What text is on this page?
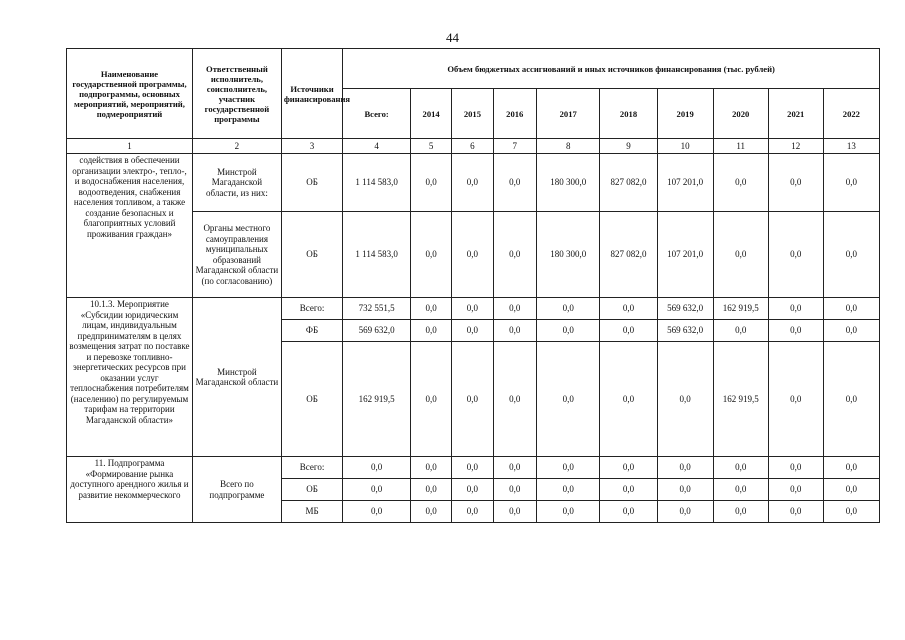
44
Наименование государственной программы, подпрограммы, основных мероприятий, мероприятий, подмероприятий	Ответственный исполнитель, соисполнитель, участник государственной программы	Источники финансирования	Объем бюджетных ассигнований и иных источников финансирования (тыс. рублей)									
			Всего:	2014	2015	2016	2017	2018	2019	2020	2021	2022
1	2	3	4	5	6	7	8	9	10	11	12	13
содействия в обеспечении организации электро-, тепло-, и водоснабжения населения, водоотведения, снабжения населения топливом, а также создание безопасных и благоприятных условий проживания граждан»	Минстрой Магаданской области, из них:	ОБ	1 114 583,0	0,0	0,0	0,0	180 300,0	827 082,0	107 201,0	0,0	0,0	0,0
	Органы местного самоуправления муниципальных образований Магаданской области (по согласованию)	ОБ	1 114 583,0	0,0	0,0	0,0	180 300,0	827 082,0	107 201,0	0,0	0,0	0,0
10.1.3. Мероприятие «Субсидии юридическим лицам, индивидуальным предпринимателям в целях возмещения затрат по поставке и перевозке топливно-энергетических ресурсов при оказании услуг теплоснабжения потребителям (населению) по регулируемым тарифам на территории Магаданской области»	Минстрой Магаданской области	Всего:	732 551,5	0,0	0,0	0,0	0,0	0,0	569 632,0	162 919,5	0,0	0,0
		ФБ	569 632,0	0,0	0,0	0,0	0,0	0,0	569 632,0	0,0	0,0	0,0
		ОБ	162 919,5	0,0	0,0	0,0	0,0	0,0	0,0	162 919,5	0,0	0,0
11. Подпрограмма «Формирование рынка доступного арендного жилья и развитие некоммерческого	Всего по подпрограмме	Всего:	0,0	0,0	0,0	0,0	0,0	0,0	0,0	0,0	0,0	0,0
		ОБ	0,0	0,0	0,0	0,0	0,0	0,0	0,0	0,0	0,0	0,0
		МБ	0,0	0,0	0,0	0,0	0,0	0,0	0,0	0,0	0,0	0,0
